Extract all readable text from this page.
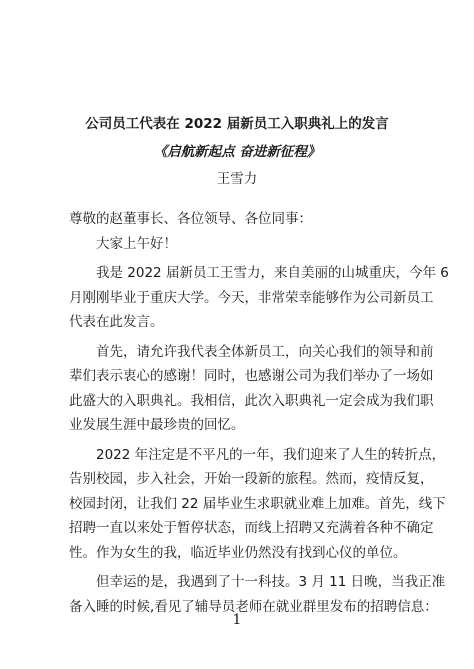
公司员工代表在 2022 届新员工入职典礼上的发言
《启航新起点 奋进新征程》
王雪力

尊敬的赵董事长、各位领导、各位同事：

大家上午好！

我是 2022 届新员工王雪力，来自美丽的山城重庆，今年 6

月刚刚毕业于重庆大学。今天，非常荣幸能够作为公司新员工

代表在此发言。

首先，请允许我代表全体新员工，向关心我们的领导和前

辈们表示衷心的感谢！同时，也感谢公司为我们举办了一场如

此盛大的入职典礼。我相信，此次入职典礼一定会成为我们职

业发展生涯中最珍贵的回忆。

2022 年注定是不平凡的一年，我们迎来了人生的转折点，

告别校园，步入社会，开始一段新的旅程。然而，疫情反复，

校园封闭，让我们 22 届毕业生求职就业难上加难。首先，线下

招聘一直以来处于暂停状态，而线上招聘又充满着各种不确定

性。作为女生的我，临近毕业仍然没有找到心仪的单位。

但幸运的是，我遇到了十一科技。3 月 11 日晚，当我正准

备入睡的时候,看见了辅导员老师在就业群里发布的招聘信息：

1
